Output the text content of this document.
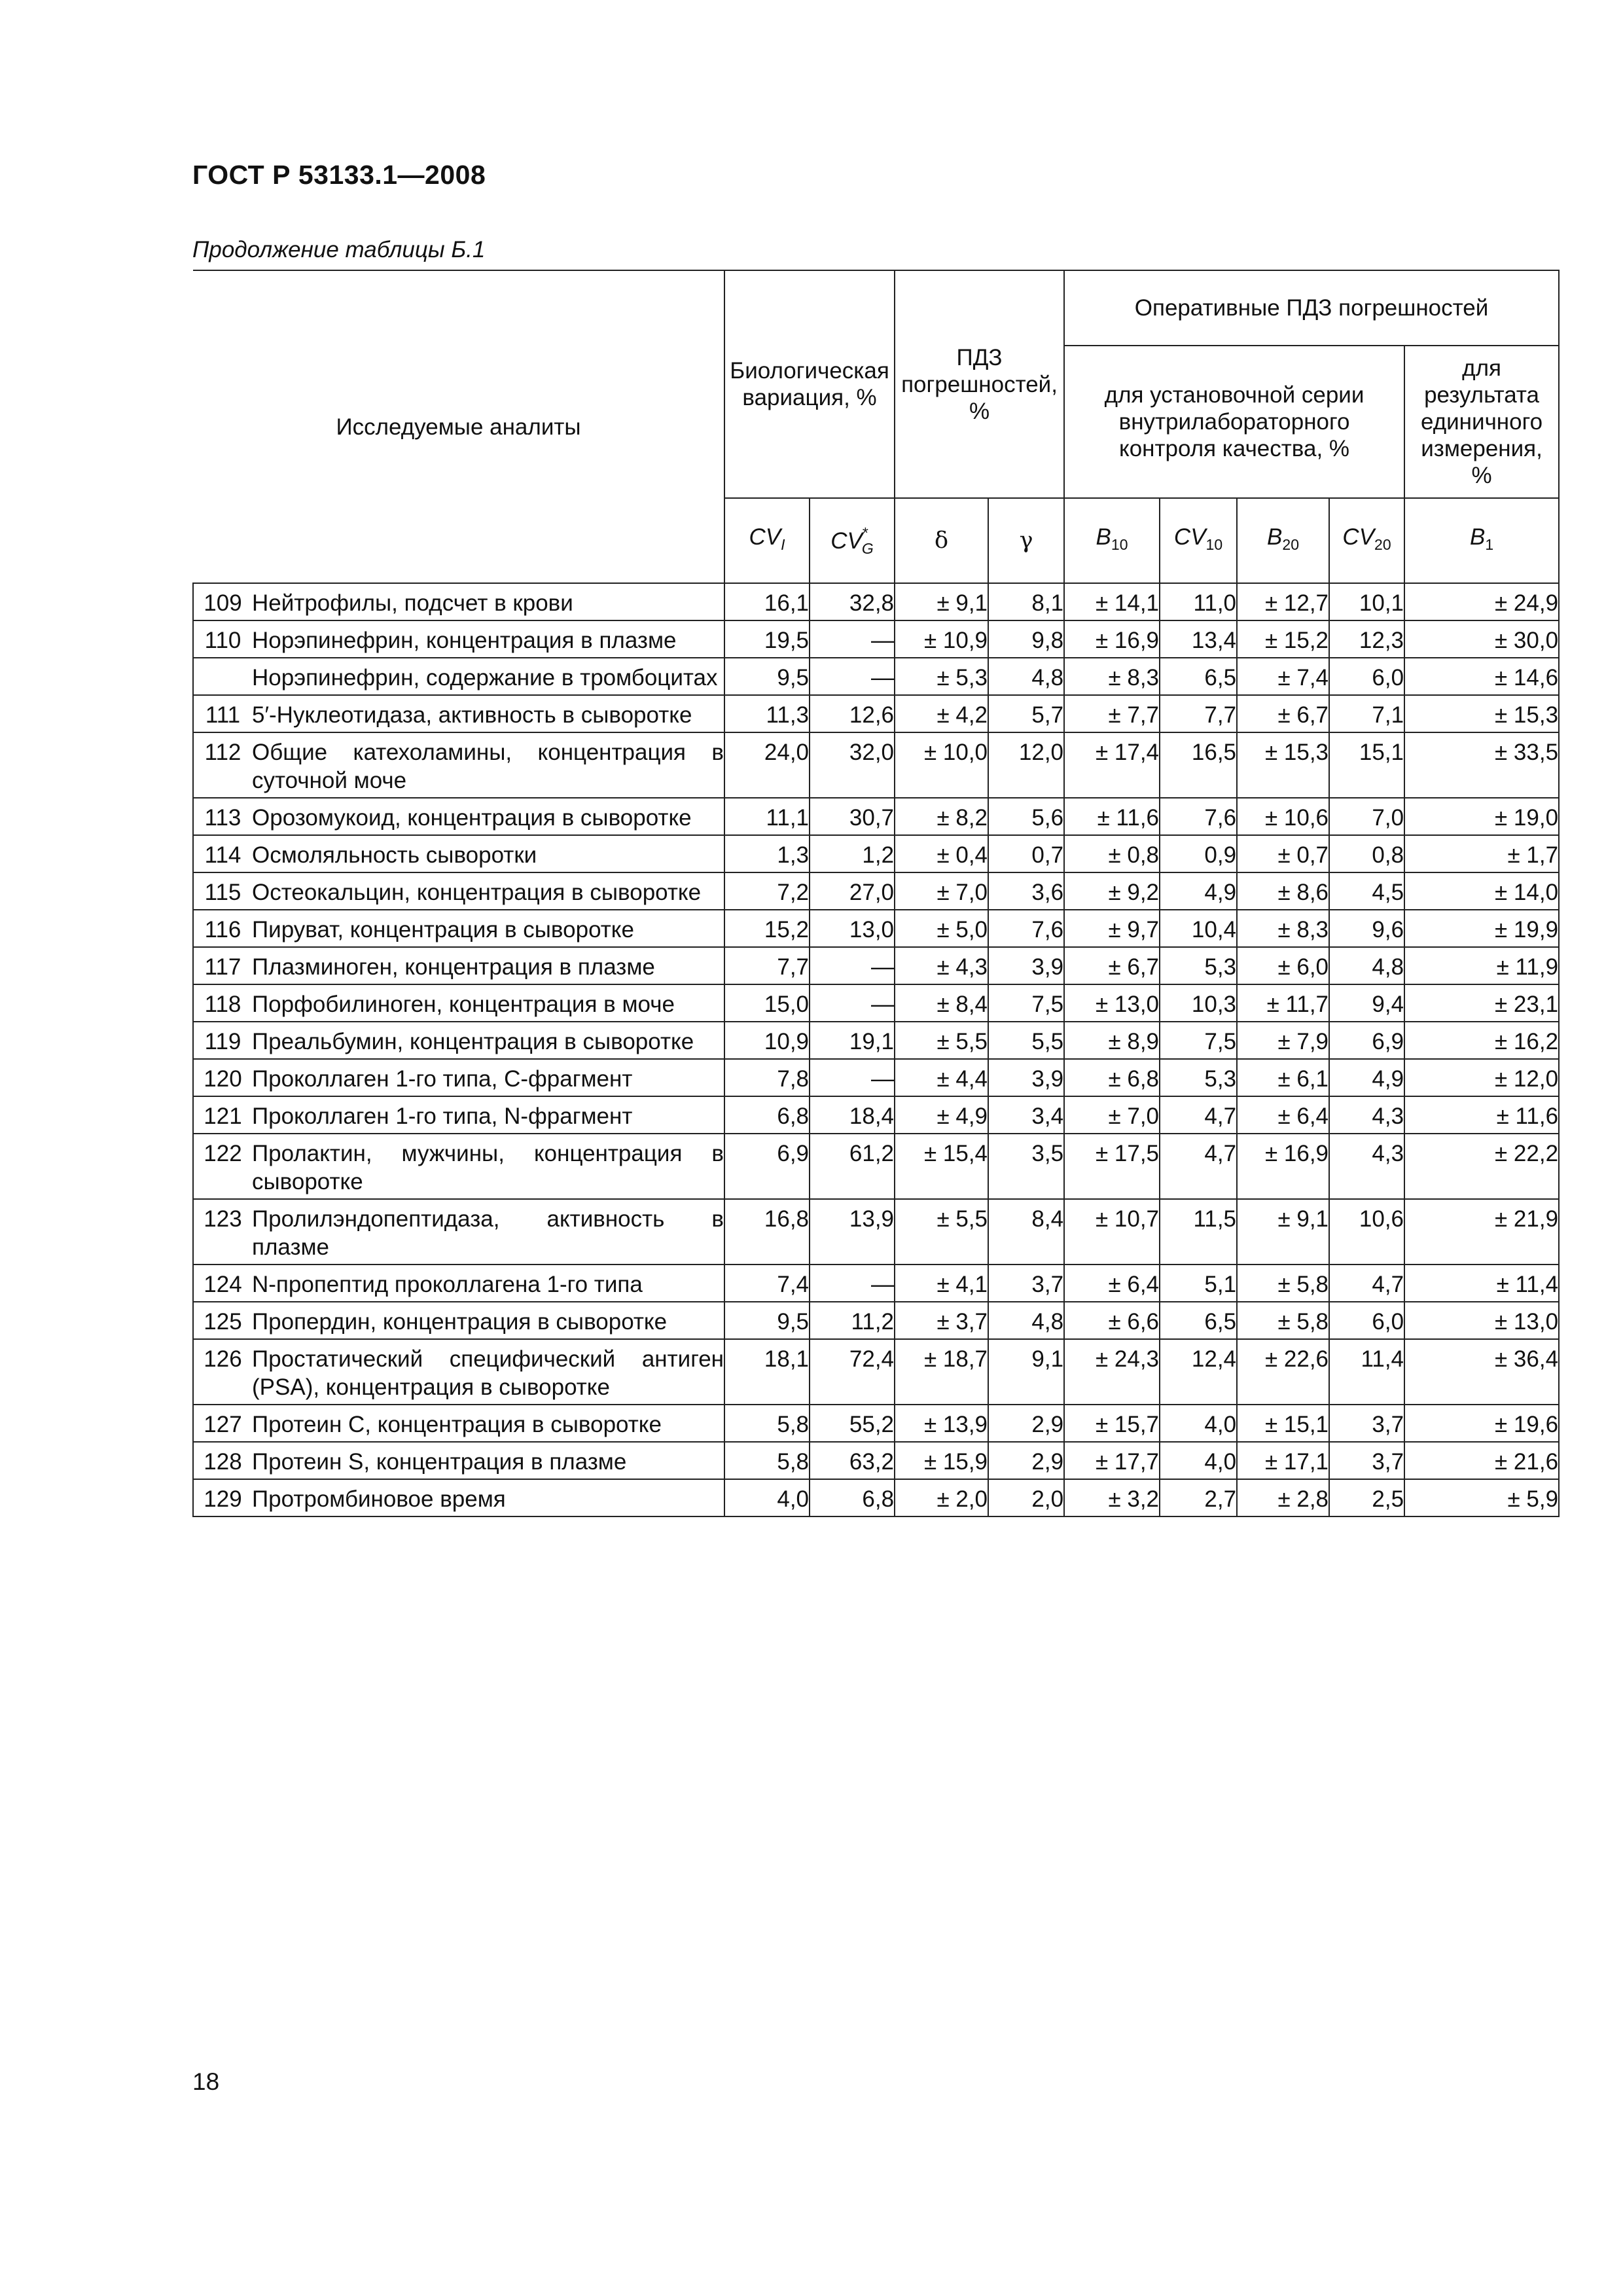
ГОСТ Р 53133.1—2008
Продолжение таблицы Б.1
Исследуемые аналиты		Биологическая вариация, %		ПДЗ погрешностей, %		Оперативные ПДЗ погрешностей				
						для установочной серии внутрилабораторного контроля качества, %				для результата единичного измерения, %
		$CV_I$	$CV^*_G$	δ	γ	$B_{10}$	$CV_{10}$	$B_{20}$	$CV_{20}$	$B_1$
109	Нейтрофилы, подсчет в крови	16,1	32,8	± 9,1	8,1	± 14,1	11,0	± 12,7	10,1	± 24,9
110	Норэпинефрин, концентрация в плазме	19,5	—	± 10,9	9,8	± 16,9	13,4	± 15,2	12,3	± 30,0
	Норэпинефрин, содержание в тромбоцитах	9,5	—	± 5,3	4,8	± 8,3	6,5	± 7,4	6,0	± 14,6
111	5′-Нуклеотидаза, активность в сыворотке	11,3	12,6	± 4,2	5,7	± 7,7	7,7	± 6,7	7,1	± 15,3
112	Общие катехоламины, концентрация в суточной моче	24,0	32,0	± 10,0	12,0	± 17,4	16,5	± 15,3	15,1	± 33,5
113	Орозомукоид, концентрация в сыворотке	11,1	30,7	± 8,2	5,6	± 11,6	7,6	± 10,6	7,0	± 19,0
114	Осмоляльность сыворотки	1,3	1,2	± 0,4	0,7	± 0,8	0,9	± 0,7	0,8	± 1,7
115	Остеокальцин, концентрация в сыворотке	7,2	27,0	± 7,0	3,6	± 9,2	4,9	± 8,6	4,5	± 14,0
116	Пируват, концентрация в сыворотке	15,2	13,0	± 5,0	7,6	± 9,7	10,4	± 8,3	9,6	± 19,9
117	Плазминоген, концентрация в плазме	7,7	—	± 4,3	3,9	± 6,7	5,3	± 6,0	4,8	± 11,9
118	Порфобилиноген, концентрация в моче	15,0	—	± 8,4	7,5	± 13,0	10,3	± 11,7	9,4	± 23,1
119	Преальбумин, концентрация в сыворотке	10,9	19,1	± 5,5	5,5	± 8,9	7,5	± 7,9	6,9	± 16,2
120	Проколлаген 1-го типа, С-фрагмент	7,8	—	± 4,4	3,9	± 6,8	5,3	± 6,1	4,9	± 12,0
121	Проколлаген 1-го типа, N-фрагмент	6,8	18,4	± 4,9	3,4	± 7,0	4,7	± 6,4	4,3	± 11,6
122	Пролактин, мужчины, концентрация в сыворотке	6,9	61,2	± 15,4	3,5	± 17,5	4,7	± 16,9	4,3	± 22,2
123	Пролилэндопептидаза, активность в плазме	16,8	13,9	± 5,5	8,4	± 10,7	11,5	± 9,1	10,6	± 21,9
124	N-пропептид проколлагена 1-го типа	7,4	—	± 4,1	3,7	± 6,4	5,1	± 5,8	4,7	± 11,4
125	Пропердин, концентрация в сыворотке	9,5	11,2	± 3,7	4,8	± 6,6	6,5	± 5,8	6,0	± 13,0
126	Простатический специфический антиген (PSA), концентрация в сыворотке	18,1	72,4	± 18,7	9,1	± 24,3	12,4	± 22,6	11,4	± 36,4
127	Протеин С, концентрация в сыворотке	5,8	55,2	± 13,9	2,9	± 15,7	4,0	± 15,1	3,7	± 19,6
128	Протеин S, концентрация в плазме	5,8	63,2	± 15,9	2,9	± 17,7	4,0	± 17,1	3,7	± 21,6
129	Протромбиновое время	4,0	6,8	± 2,0	2,0	± 3,2	2,7	± 2,8	2,5	± 5,9
18
